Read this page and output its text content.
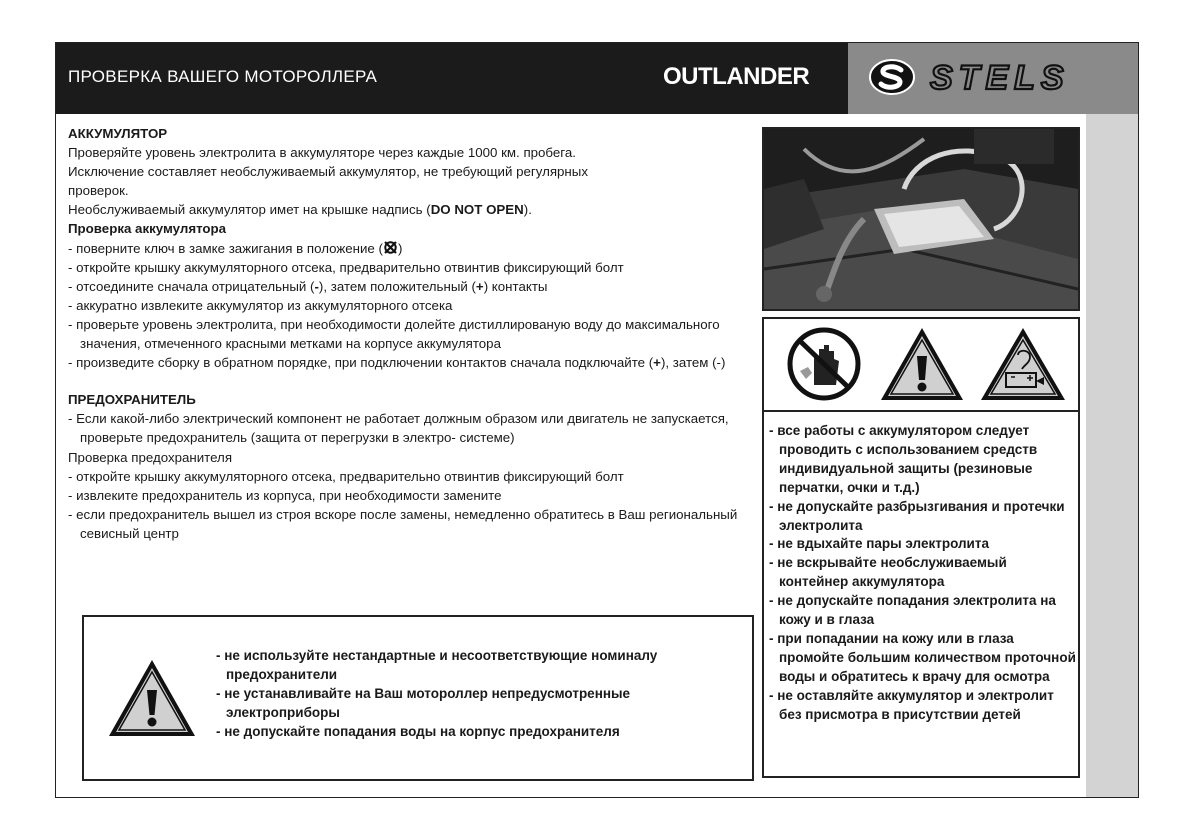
ПРОВЕРКА ВАШЕГО МОТОРОЛЛЕРА	OUTLANDER	STELS

АККУМУЛЯТОР

Проверяйте уровень электролита в аккумуляторе через каждые 1000 км. пробега.

Исключение составляет необслуживаемый аккумулятор, не требующий регулярных

проверок.

Необслуживаемый аккумулятор имет на крышке надпись (DO NOT OPEN).

Проверка аккумулятора

- поверните ключ в замке зажигания в положение ( )

- откройте крышку аккумуляторного отсека, предварительно отвинтив фиксирующий болт

- отсоедините сначала отрицательный (-), затем положительный (+) контакты

- аккуратно извлеките аккумулятор из аккумуляторного отсека

- проверьте уровень электролита, при необходимости долейте дистиллированую воду до максимального значения, отмеченного красными метками на корпусе аккумулятора

- произведите сборку в обратном порядке, при подключении контактов сначала подключайте (+), затем (-)

ПРЕДОХРАНИТЕЛЬ

- Если какой-либо электрический компонент не работает должным образом или двигатель не запускается, проверьте предохранитель (защита от перегрузки в электро- системе)

Проверка предохранителя

- откройте крышку аккумуляторного отсека, предварительно отвинтив фиксирующий болт

- извлеките предохранитель из корпуса, при необходимости замените

- если предохранитель вышел из строя вскоре после замены, немедленно обратитесь в Ваш региональный севисный центр

- не используйте нестандартные и несоответствующие номиналу предохранители

- не устанавливайте на Ваш мотороллер непредусмотренные электроприборы

- не допускайте попадания воды на корпус предохранителя

- все работы с аккумулятором следует проводить с использованием средств индивидуальной защиты (резиновые перчатки, очки и т.д.)

- не допускайте разбрызгивания и протечки электролита

- не вдыхайте пары электролита

- не вскрывайте необслуживаемый контейнер аккумулятора

- не допускайте попадания электролита на кожу и в глаза

- при попадании на кожу или в глаза промойте большим количеством проточной воды и обратитесь к врачу для осмотра

- не оставляйте аккумулятор и электролит без присмотра в присутствии детей
